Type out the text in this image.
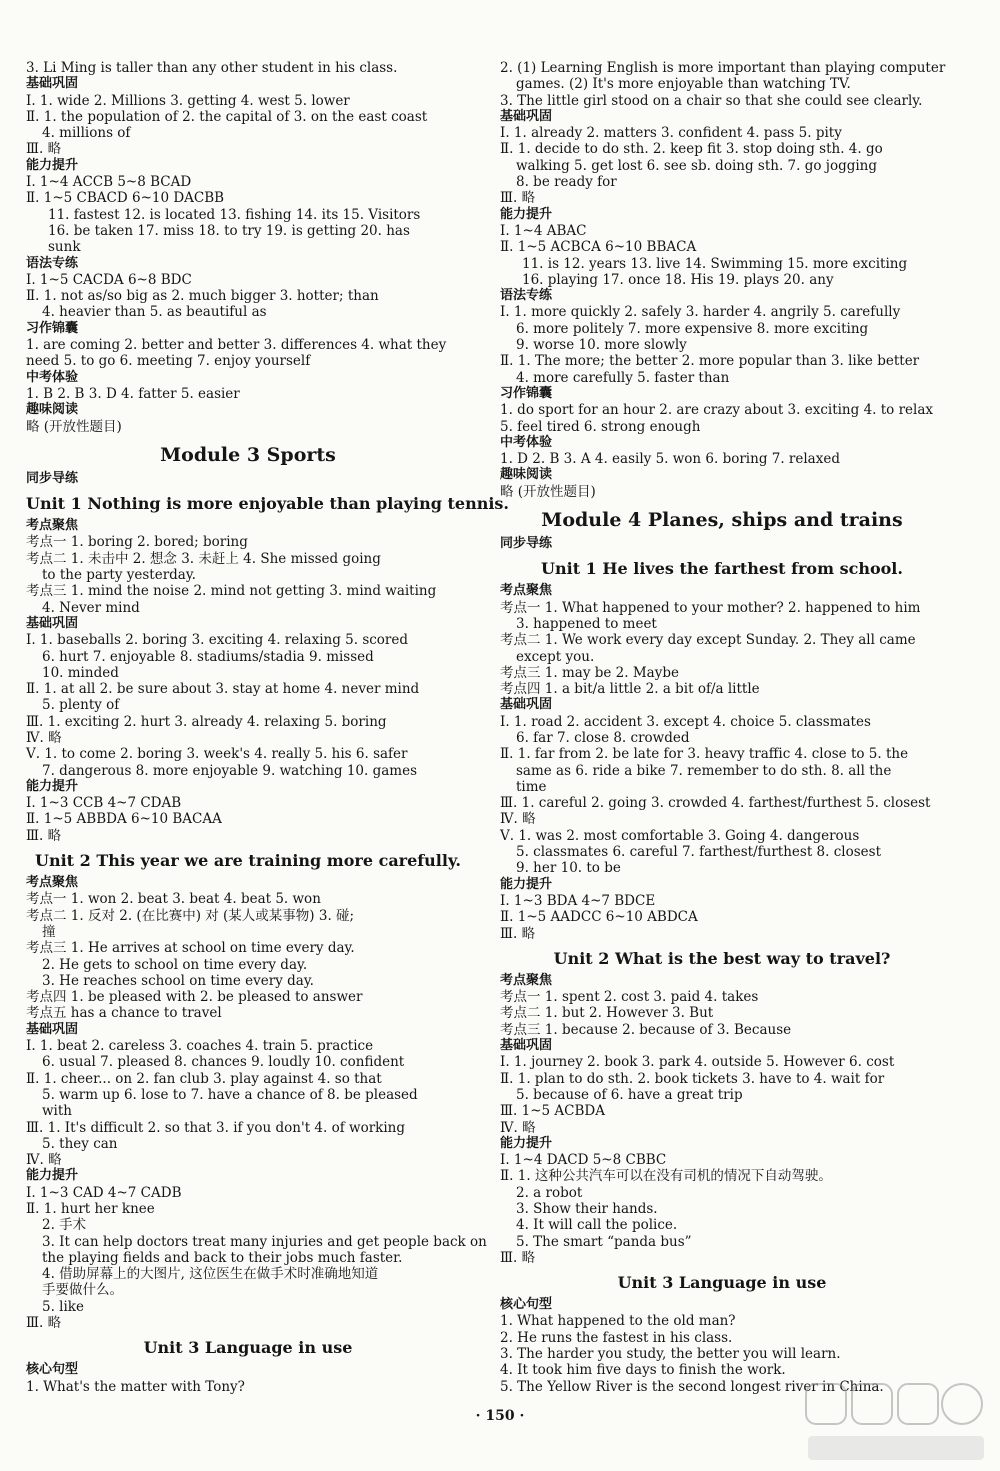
3. Li Ming is taller than any other student in his class.
基础巩固
Ⅰ. 1. wide 2. Millions 3. getting 4. west 5. lower
Ⅱ. 1. the population of 2. the capital of 3. on the east coast
4. millions of
Ⅲ. 略
能力提升
Ⅰ. 1~4 ACCB 5~8 BCAD
Ⅱ. 1~5 CBACD 6~10 DACBB
11. fastest 12. is located 13. fishing 14. its 15. Visitors
16. be taken 17. miss 18. to try 19. is getting 20. has
sunk
语法专练
Ⅰ. 1~5 CACDA 6~8 BDC
Ⅱ. 1. not as/so big as 2. much bigger 3. hotter; than
4. heavier than 5. as beautiful as
习作锦囊
1. are coming 2. better and better 3. differences 4. what they
need 5. to go 6. meeting 7. enjoy yourself
中考体验
1. B 2. B 3. D 4. fatter 5. easier
趣味阅读
略 (开放性题目)
Module 3 Sports
同步导练
Unit 1 Nothing is more enjoyable than playing tennis.
考点聚焦
考点一 1. boring 2. bored; boring
考点二 1. 未击中 2. 想念 3. 未赶上 4. She missed going
to the party yesterday.
考点三 1. mind the noise 2. mind not getting 3. mind waiting
4. Never mind
基础巩固
Ⅰ. 1. baseballs 2. boring 3. exciting 4. relaxing 5. scored
6. hurt 7. enjoyable 8. stadiums/stadia 9. missed
10. minded
Ⅱ. 1. at all 2. be sure about 3. stay at home 4. never mind
5. plenty of
Ⅲ. 1. exciting 2. hurt 3. already 4. relaxing 5. boring
Ⅳ. 略
Ⅴ. 1. to come 2. boring 3. week's 4. really 5. his 6. safer
7. dangerous 8. more enjoyable 9. watching 10. games
能力提升
Ⅰ. 1~3 CCB 4~7 CDAB
Ⅱ. 1~5 ABBDA 6~10 BACAA
Ⅲ. 略
Unit 2 This year we are training more carefully.
考点聚焦
考点一 1. won 2. beat 3. beat 4. beat 5. won
考点二 1. 反对 2. (在比赛中) 对 (某人或某事物) 3. 碰;
撞
考点三 1. He arrives at school on time every day.
2. He gets to school on time every day.
3. He reaches school on time every day.
考点四 1. be pleased with 2. be pleased to answer
考点五 has a chance to travel
基础巩固
Ⅰ. 1. beat 2. careless 3. coaches 4. train 5. practice
6. usual 7. pleased 8. chances 9. loudly 10. confident
Ⅱ. 1. cheer... on 2. fan club 3. play against 4. so that
5. warm up 6. lose to 7. have a chance of 8. be pleased
with
Ⅲ. 1. It's difficult 2. so that 3. if you don't 4. of working
5. they can
Ⅳ. 略
能力提升
Ⅰ. 1~3 CAD 4~7 CADB
Ⅱ. 1. hurt her knee
2. 手术
3. It can help doctors treat many injuries and get people back on
the playing fields and back to their jobs much faster.
4. 借助屏幕上的大图片, 这位医生在做手术时准确地知道
手要做什么。
5. like
Ⅲ. 略
Unit 3 Language in use
核心句型
1. What's the matter with Tony?
2. (1) Learning English is more important than playing computer
games. (2) It's more enjoyable than watching TV.
3. The little girl stood on a chair so that she could see clearly.
基础巩固
Ⅰ. 1. already 2. matters 3. confident 4. pass 5. pity
Ⅱ. 1. decide to do sth. 2. keep fit 3. stop doing sth. 4. go
walking 5. get lost 6. see sb. doing sth. 7. go jogging
8. be ready for
Ⅲ. 略
能力提升
Ⅰ. 1~4 ABAC
Ⅱ. 1~5 ACBCA 6~10 BBACA
11. is 12. years 13. live 14. Swimming 15. more exciting
16. playing 17. once 18. His 19. plays 20. any
语法专练
Ⅰ. 1. more quickly 2. safely 3. harder 4. angrily 5. carefully
6. more politely 7. more expensive 8. more exciting
9. worse 10. more slowly
Ⅱ. 1. The more; the better 2. more popular than 3. like better
4. more carefully 5. faster than
习作锦囊
1. do sport for an hour 2. are crazy about 3. exciting 4. to relax
5. feel tired 6. strong enough
中考体验
1. D 2. B 3. A 4. easily 5. won 6. boring 7. relaxed
趣味阅读
略 (开放性题目)
Module 4 Planes, ships and trains
同步导练
Unit 1 He lives the farthest from school.
考点聚焦
考点一 1. What happened to your mother? 2. happened to him
3. happened to meet
考点二 1. We work every day except Sunday. 2. They all came
except you.
考点三 1. may be 2. Maybe
考点四 1. a bit/a little 2. a bit of/a little
基础巩固
Ⅰ. 1. road 2. accident 3. except 4. choice 5. classmates
6. far 7. close 8. crowded
Ⅱ. 1. far from 2. be late for 3. heavy traffic 4. close to 5. the
same as 6. ride a bike 7. remember to do sth. 8. all the
time
Ⅲ. 1. careful 2. going 3. crowded 4. farthest/furthest 5. closest
Ⅳ. 略
Ⅴ. 1. was 2. most comfortable 3. Going 4. dangerous
5. classmates 6. careful 7. farthest/furthest 8. closest
9. her 10. to be
能力提升
Ⅰ. 1~3 BDA 4~7 BDCE
Ⅱ. 1~5 AADCC 6~10 ABDCA
Ⅲ. 略
Unit 2 What is the best way to travel?
考点聚焦
考点一 1. spent 2. cost 3. paid 4. takes
考点二 1. but 2. However 3. But
考点三 1. because 2. because of 3. Because
基础巩固
Ⅰ. 1. journey 2. book 3. park 4. outside 5. However 6. cost
Ⅱ. 1. plan to do sth. 2. book tickets 3. have to 4. wait for
5. because of 6. have a great trip
Ⅲ. 1~5 ACBDA
Ⅳ. 略
能力提升
Ⅰ. 1~4 DACD 5~8 CBBC
Ⅱ. 1. 这种公共汽车可以在没有司机的情况下自动驾驶。
2. a robot
3. Show their hands.
4. It will call the police.
5. The smart “panda bus”
Ⅲ. 略
Unit 3 Language in use
核心句型
1. What happened to the old man?
2. He runs the fastest in his class.
3. The harder you study, the better you will learn.
4. It took him five days to finish the work.
5. The Yellow River is the second longest river in China.
· 150 ·
